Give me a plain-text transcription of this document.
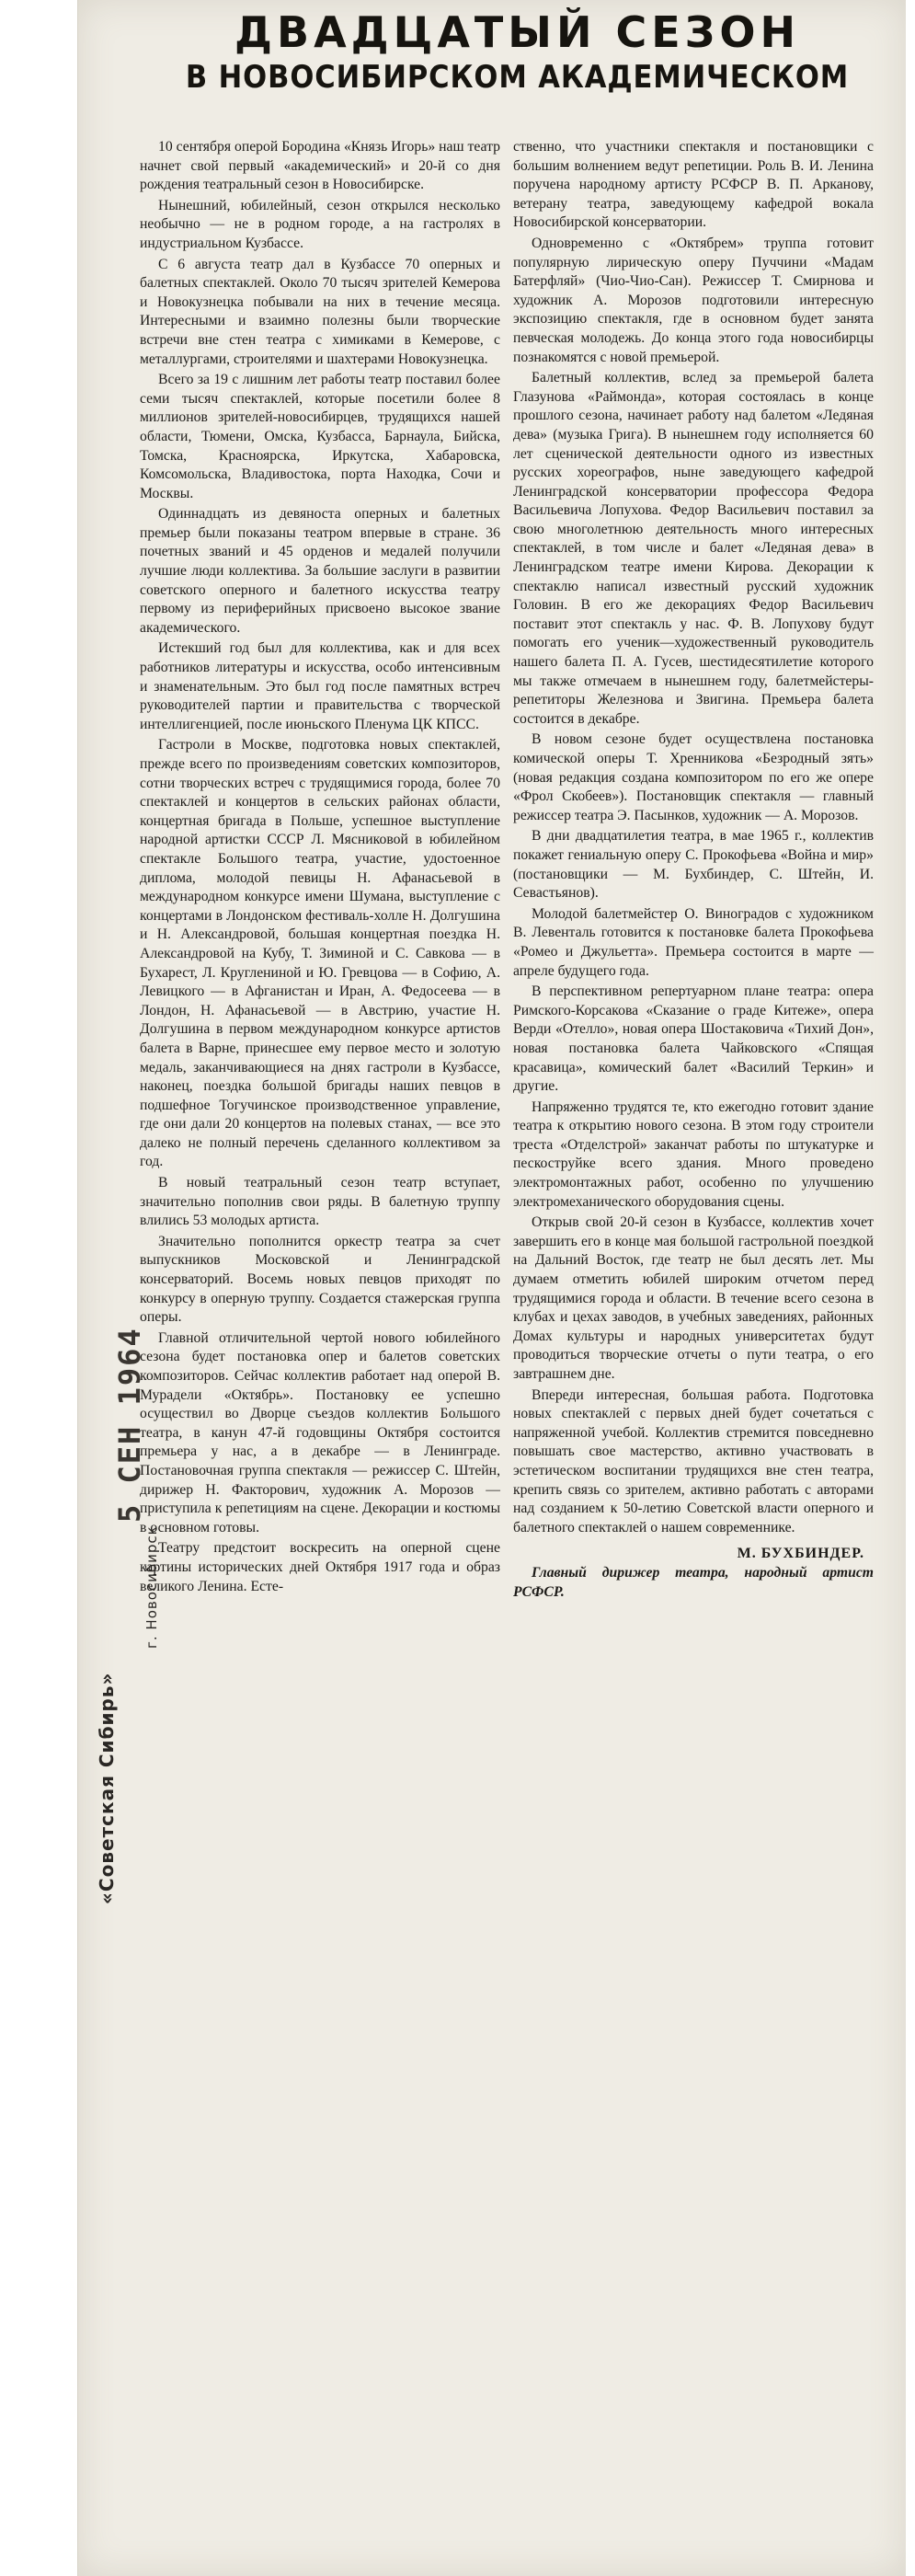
ДВАДЦАТЫЙ СЕЗОН
В НОВОСИБИРСКОМ АКАДЕМИЧЕСКОМ

10 сентября оперой Бородина «Князь Игорь» наш театр начнет свой первый «академический» и 20-й со дня рождения театральный сезон в Новосибирске.

Нынешний, юбилейный, сезон открылся несколько необычно — не в родном городе, а на гастролях в индустриальном Кузбассе.

С 6 августа театр дал в Кузбассе 70 оперных и балетных спектаклей. Около 70 тысяч зрителей Кемерова и Новокузнецка побывали на них в течение месяца. Интересными и взаимно полезны были творческие встречи вне стен театра с химиками в Кемерове, с металлургами, строителями и шахтерами Новокузнецка.

Всего за 19 с лишним лет работы театр поставил более семи тысяч спектаклей, которые посетили более 8 миллионов зрителей-новосибирцев, трудящихся нашей области, Тюмени, Омска, Кузбасса, Барнаула, Бийска, Томска, Красноярска, Иркутска, Хабаровска, Комсомольска, Владивостока, порта Находка, Сочи и Москвы.

Одиннадцать из девяноста оперных и балетных премьер были показаны театром впервые в стране. 36 почетных званий и 45 орденов и медалей получили лучшие люди коллектива. За большие заслуги в развитии советского оперного и балетного искусства театру первому из периферийных присвоено высокое звание академического.

Истекший год был для коллектива, как и для всех работников литературы и искусства, особо интенсивным и знаменательным. Это был год после памятных встреч руководителей партии и правительства с творческой интеллигенцией, после июньского Пленума ЦК КПСС.

Гастроли в Москве, подготовка новых спектаклей, прежде всего по произведениям советских композиторов, сотни творческих встреч с трудящимися города, более 70 спектаклей и концертов в сельских районах области, концертная бригада в Польше, успешное выступление народной артистки СССР Л. Мясниковой в юбилейном спектакле Большого театра, участие, удостоенное диплома, молодой певицы Н. Афанасьевой в международном конкурсе имени Шумана, выступление с концертами в Лондонском фестиваль-холле Н. Долгушина и Н. Александровой, большая концертная поездка Н. Александровой на Кубу, Т. Зиминой и С. Савкова — в Бухарест, Л. Круглениной и Ю. Гревцова — в Софию, А. Левицкого — в Афганистан и Иран, А. Федосеева — в Лондон, Н. Афанасьевой — в Австрию, участие Н. Долгушина в первом международном конкурсе артистов балета в Варне, принесшее ему первое место и золотую медаль, заканчивающиеся на днях гастроли в Кузбассе, наконец, поездка большой бригады наших певцов в подшефное Тогучинское производственное управление, где они дали 20 концертов на полевых станах, — все это далеко не полный перечень сделанного коллективом за год.

В новый театральный сезон театр вступает, значительно пополнив свои ряды. В балетную труппу влились 53 молодых артиста.

Значительно пополнится оркестр театра за счет выпускников Московской и Ленинградской консерваторий. Восемь новых певцов приходят по конкурсу в оперную труппу. Создается стажерская группа оперы.

Главной отличительной чертой нового юбилейного сезона будет постановка опер и балетов советских композиторов. Сейчас коллектив работает над оперой В. Мурадели «Октябрь». Постановку ее успешно осуществил во Дворце съездов коллектив Большого театра, в канун 47-й годовщины Октября состоится премьера у нас, а в декабре — в Ленинграде. Постановочная группа спектакля — режиссер С. Штейн, дирижер Н. Факторович, художник А. Морозов — приступила к репетициям на сцене. Декорации и костюмы в основном готовы.

Театру предстоит воскресить на оперной сцене картины исторических дней Октября 1917 года и образ великого Ленина. Есте-

ственно, что участники спектакля и постановщики с большим волнением ведут репетиции. Роль В. И. Ленина поручена народному артисту РСФСР В. П. Арканову, ветерану театра, заведующему кафедрой вокала Новосибирской консерватории.

Одновременно с «Октябрем» труппа готовит популярную лирическую оперу Пуччини «Мадам Батерфляй» (Чио-Чио-Сан). Режиссер Т. Смирнова и художник А. Морозов подготовили интересную экспозицию спектакля, где в основном будет занята певческая молодежь. До конца этого года новосибирцы познакомятся с новой премьерой.

Балетный коллектив, вслед за премьерой балета Глазунова «Раймонда», которая состоялась в конце прошлого сезона, начинает работу над балетом «Ледяная дева» (музыка Грига). В нынешнем году исполняется 60 лет сценической деятельности одного из известных русских хореографов, ныне заведующего кафедрой Ленинградской консерватории профессора Федора Васильевича Лопухова. Федор Васильевич поставил за свою многолетнюю деятельность много интересных спектаклей, в том числе и балет «Ледяная дева» в Ленинградском театре имени Кирова. Декорации к спектаклю написал известный русский художник Головин. В его же декорациях Федор Васильевич поставит этот спектакль у нас. Ф. В. Лопухову будут помогать его ученик—художественный руководитель нашего балета П. А. Гусев, шестидесятилетие которого мы также отмечаем в нынешнем году, балетмейстеры-репетиторы Железнова и Звигина. Премьера балета состоится в декабре.

В новом сезоне будет осуществлена постановка комической оперы Т. Хренникова «Безродный зять» (новая редакция создана композитором по его же опере «Фрол Скобеев»). Постановщик спектакля — главный режиссер театра Э. Пасынков, художник — А. Морозов.

В дни двадцатилетия театра, в мае 1965 г., коллектив покажет гениальную оперу С. Прокофьева «Война и мир» (постановщики — М. Бухбиндер, С. Штейн, И. Севастьянов).

Молодой балетмейстер О. Виноградов с художником В. Левенталь готовится к постановке балета Прокофьева «Ромео и Джульетта». Премьера состоится в марте — апреле будущего года.

В перспективном репертуарном плане театра: опера Римского-Корсакова «Сказание о граде Китеже», опера Верди «Отелло», новая опера Шостаковича «Тихий Дон», новая постановка балета Чайковского «Спящая красавица», комический балет «Василий Теркин» и другие.

Напряженно трудятся те, кто ежегодно готовит здание театра к открытию нового сезона. В этом году строители треста «Отделстрой» заканчат работы по штукатурке и пескоструйке всего здания. Много проведено электромонтажных работ, особенно по улучшению электромеханического оборудования сцены.

Открыв свой 20-й сезон в Кузбассе, коллектив хочет завершить его в конце мая большой гастрольной поездкой на Дальний Восток, где театр не был десять лет. Мы думаем отметить юбилей широким отчетом перед трудящимися города и области. В течение всего сезона в клубах и цехах заводов, в учебных заведениях, районных Домах культуры и народных университетах будут проводиться творческие отчеты о пути театра, о его завтрашнем дне.

Впереди интересная, большая работа. Подготовка новых спектаклей с первых дней будет сочетаться с напряженной учебой. Коллектив стремится повседневно повышать свое мастерство, активно участвовать в эстетическом воспитании трудящихся вне стен театра, крепить связь со зрителем, активно работать с авторами над созданием к 50-летию Советской власти оперного и балетного спектаклей о нашем современнике.

М. БУХБИНДЕР.

Главный дирижер театра, народный артист РСФСР.

5 СЕН 1964
«Советская Сибирь»
г. Новосибирск
